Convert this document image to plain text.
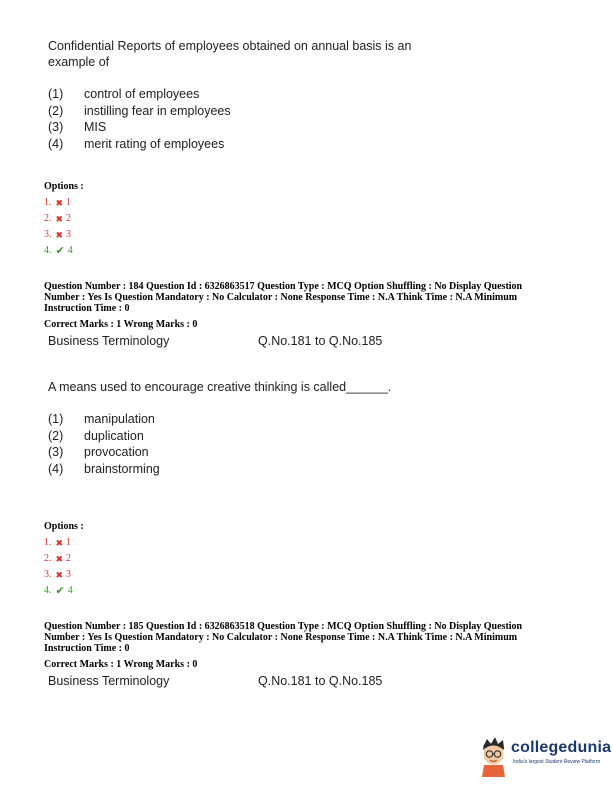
Confidential Reports of employees obtained on annual basis is an
example of
(1)	control of employees
(2)	instilling fear in employees
(3)	MIS
(4)	merit rating of employees
Options :
1. ✖ 1
2. ✖ 2
3. ✖ 3
4. ✔ 4
Question Number : 184 Question Id : 6326863517 Question Type : MCQ Option Shuffling : No Display Question
Number : Yes Is Question Mandatory : No Calculator : None Response Time : N.A Think Time : N.A Minimum
Instruction Time : 0
Correct Marks : 1 Wrong Marks : 0
Business Terminology	Q.No.181 to Q.No.185
A means used to encourage creative thinking is called______.
(1)	manipulation
(2)	duplication
(3)	provocation
(4)	brainstorming
Options :
1. ✖ 1
2. ✖ 2
3. ✖ 3
4. ✔ 4
Question Number : 185 Question Id : 6326863518 Question Type : MCQ Option Shuffling : No Display Question
Number : Yes Is Question Mandatory : No Calculator : None Response Time : N.A Think Time : N.A Minimum
Instruction Time : 0
Correct Marks : 1 Wrong Marks : 0
Business Terminology	Q.No.181 to Q.No.185
collegedunia
India's largest Student Review Platform
